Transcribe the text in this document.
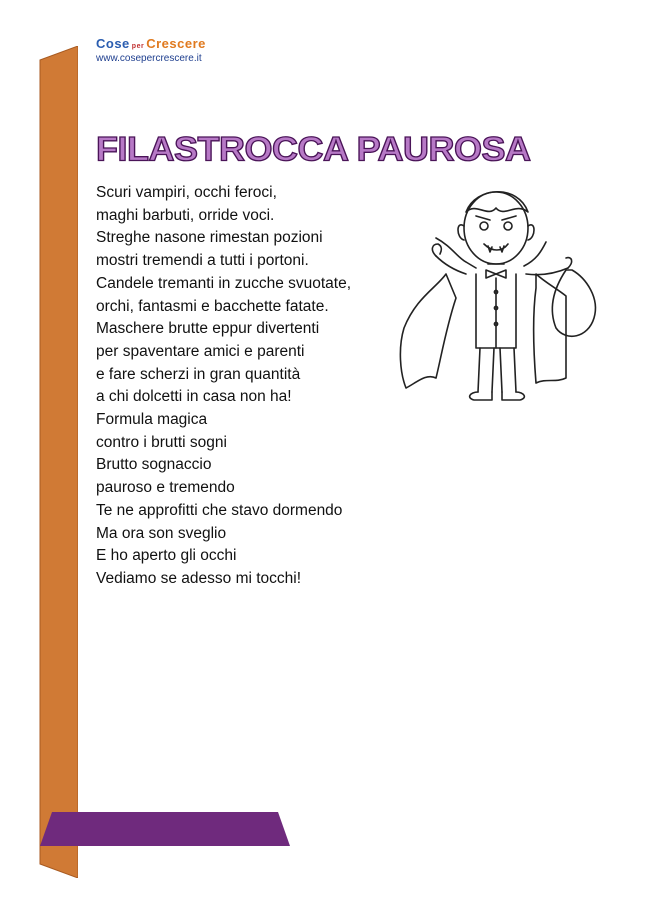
Cose per Crescere
www.cosepercrescere.it
FILASTROCCA PAUROSA
Scuri vampiri, occhi feroci,
maghi barbuti, orride voci.
Streghe nasone rimestan pozioni
mostri tremendi a tutti i portoni.
Candele tremanti in zucche svuotate,
orchi, fantasmi e bacchette fatate.
Maschere brutte eppur divertenti
per spaventare amici e parenti
e fare scherzi in gran quantità
a chi dolcetti in casa non ha!
Formula magica
contro i brutti sogni
Brutto sognaccio
pauroso e tremendo
Te ne approfitti che stavo dormendo
Ma ora son sveglio
E ho aperto gli occhi
Vediamo se adesso mi tocchi!
